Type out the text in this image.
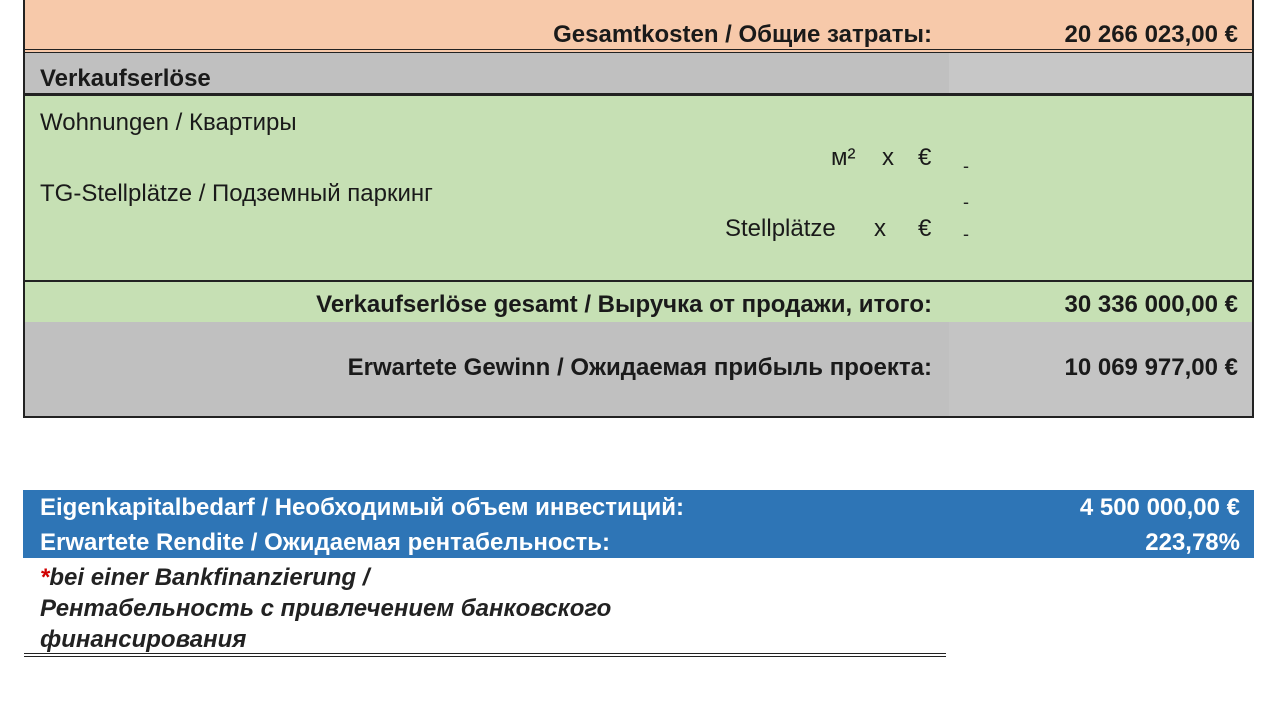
Gesamtkosten / Общие затраты:	20 266 023,00 €
Verkaufserlöse
Wohnungen / Квартиры
м² x € -
TG-Stellplätze / Подземный паркинг	-
Stellplätze x € -
Verkaufserlöse gesamt / Выручка от продажи, итого:	30 336 000,00 €
Erwartete Gewinn / Ожидаемая прибыль проекта:	10 069 977,00 €
Eigenkapitalbedarf / Необходимый объем инвестиций:	4 500 000,00 €
Erwartete Rendite / Ожидаемая рентабельность:	223,78%
*bei einer Bankfinanzierung /
Рентабельность с привлечением банковского
финансирования
